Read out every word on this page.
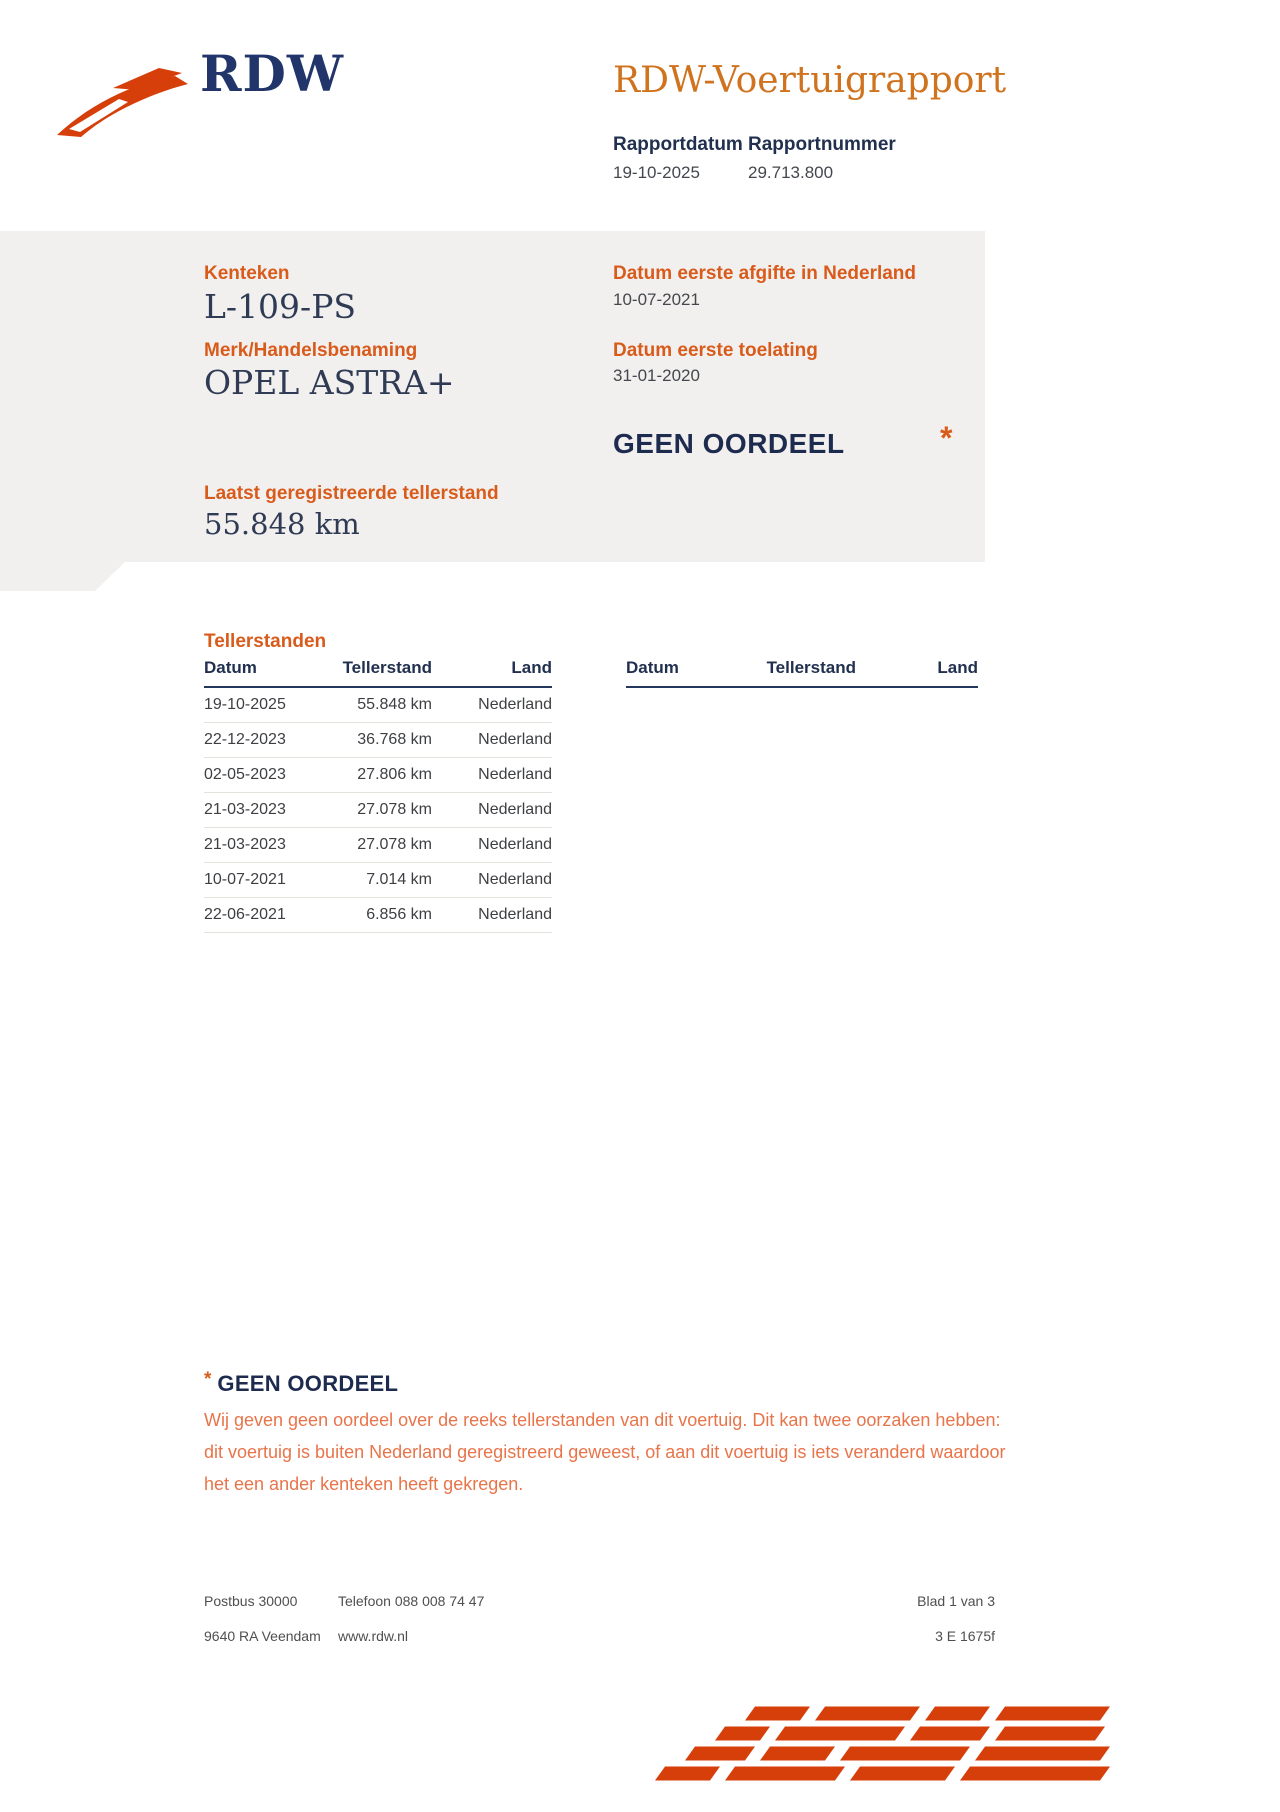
RDW	RDW-Voertuigrapport
Rapportdatum Rapportnummer
19-10-2025	29.713.800
Kenteken
L-109-PS
Merk/Handelsbenaming
OPEL ASTRA+
Laatst geregistreerde tellerstand
55.848 km
Datum eerste afgifte in Nederland
10-07-2021
Datum eerste toelating
31-01-2020
GEEN OORDEEL	*
Tellerstanden
Datum	Tellerstand	Land
19-10-2025	55.848 km	Nederland
22-12-2023	36.768 km	Nederland
02-05-2023	27.806 km	Nederland
21-03-2023	27.078 km	Nederland
21-03-2023	27.078 km	Nederland
10-07-2021	7.014 km	Nederland
22-06-2021	6.856 km	Nederland
Datum	Tellerstand	Land
* GEEN OORDEEL
Wij geven geen oordeel over de reeks tellerstanden van dit voertuig. Dit kan twee oorzaken hebben: dit voertuig is buiten Nederland geregistreerd geweest, of aan dit voertuig is iets veranderd waardoor het een ander kenteken heeft gekregen.
Postbus 30000	Telefoon 088 008 74 47	Blad 1 van 3
9640 RA Veendam www.rdw.nl	3 E 1675f
